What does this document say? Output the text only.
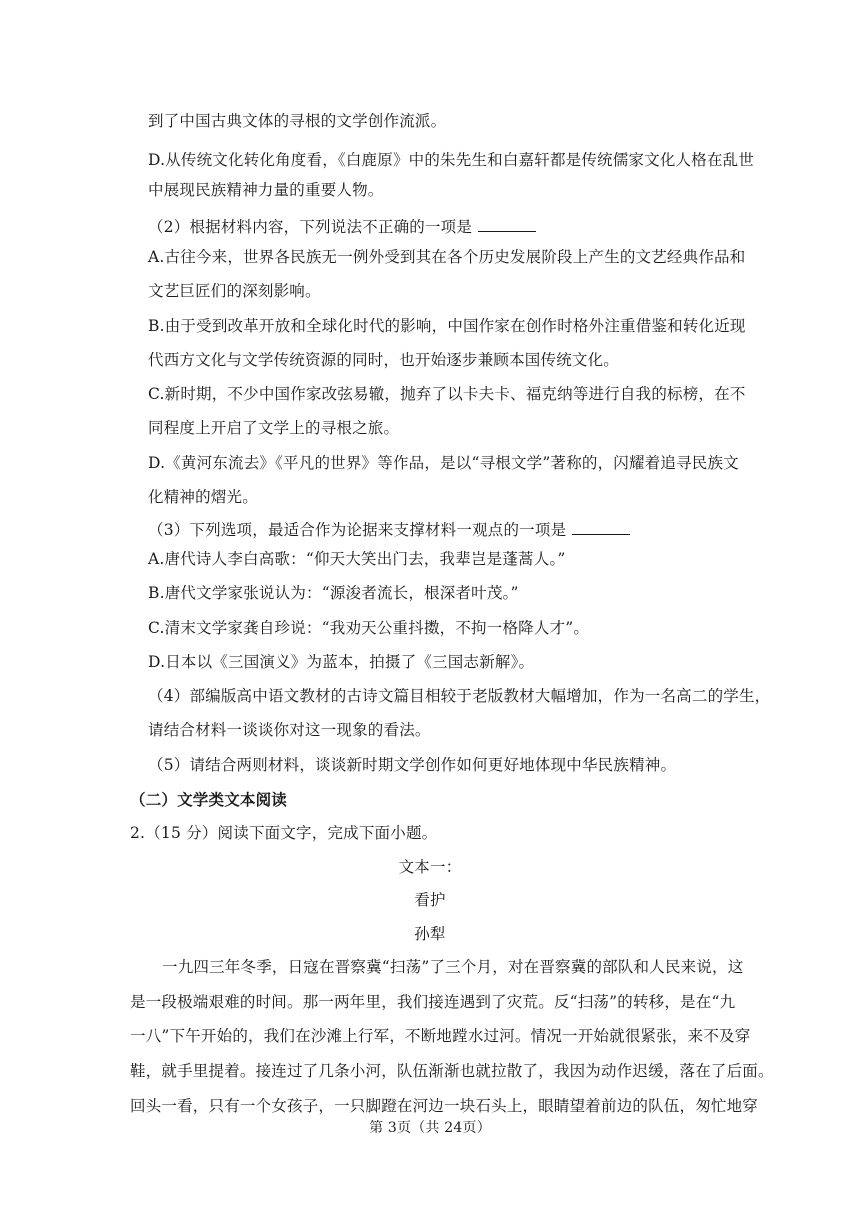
到了中国古典文体的寻根的文学创作流派。
D.从传统文化转化角度看，《白鹿原》中的朱先生和白嘉轩都是传统儒家文化人格在乱世
中展现民族精神力量的重要人物。
（2）根据材料内容，下列说法不正确的一项是
A.古往今来，世界各民族无一例外受到其在各个历史发展阶段上产生的文艺经典作品和
文艺巨匠们的深刻影响。
B.由于受到改革开放和全球化时代的影响，中国作家在创作时格外注重借鉴和转化近现
代西方文化与文学传统资源的同时，也开始逐步兼顾本国传统文化。
C.新时期，不少中国作家改弦易辙，抛弃了以卡夫卡、福克纳等进行自我的标榜，在不
同程度上开启了文学上的寻根之旅。
D.《黄河东流去》《平凡的世界》等作品，是以“寻根文学”著称的，闪耀着追寻民族文
化精神的熠光。
（3）下列选项，最适合作为论据来支撑材料一观点的一项是
A.唐代诗人李白高歌：“仰天大笑出门去，我辈岂是蓬蒿人。”
B.唐代文学家张说认为：“源浚者流长，根深者叶茂。”
C.清末文学家龚自珍说：“我劝天公重抖擞，不拘一格降人才”。
D.日本以《三国演义》为蓝本，拍摄了《三国志新解》。
（4）部编版高中语文教材的古诗文篇目相较于老版教材大幅增加，作为一名高二的学生，
请结合材料一谈谈你对这一现象的看法。
（5）请结合两则材料，谈谈新时期文学创作如何更好地体现中华民族精神。
（二）文学类文本阅读
2.（15 分）阅读下面文字，完成下面小题。
文本一：
看护
孙犁
一九四三年冬季，日寇在晋察冀“扫荡”了三个月，对在晋察冀的部队和人民来说，这
是一段极端艰难的时间。那一两年里，我们接连遇到了灾荒。反“扫荡”的转移，是在“九
一八”下午开始的，我们在沙滩上行军，不断地蹚水过河。情况一开始就很紧张，来不及穿
鞋，就手里提着。接连过了几条小河，队伍渐渐也就拉散了，我因为动作迟缓，落在了后面。
回头一看，只有一个女孩子，一只脚蹬在河边一块石头上，眼睛望着前边的队伍，匆忙地穿
第 3页（共 24页）
